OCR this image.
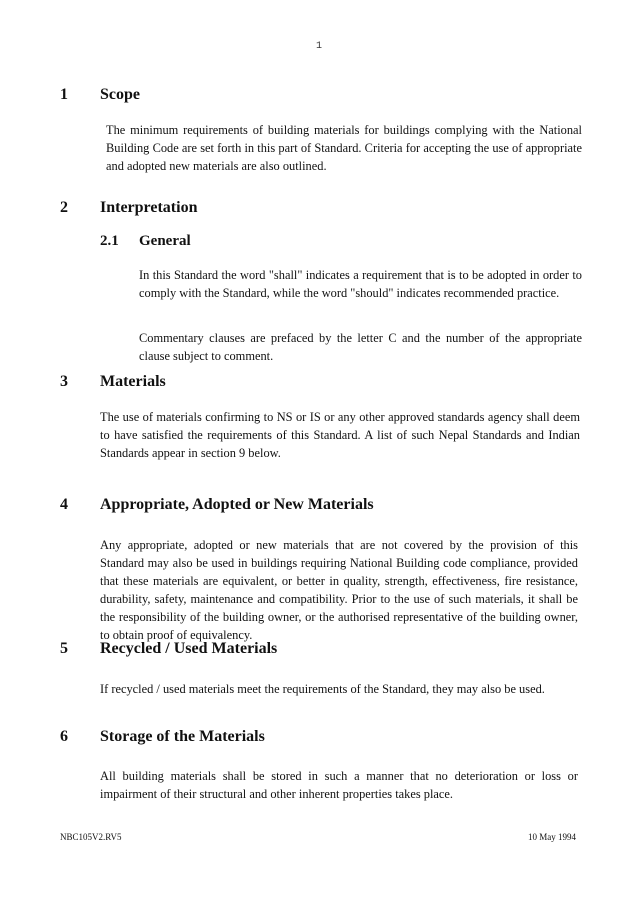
1
1 Scope

The minimum requirements of building materials for buildings complying with the National Building Code are set forth in this part of Standard. Criteria for accepting the use of appropriate and adopted new materials are also outlined.

2 Interpretation
2.1 General

In this Standard the word "shall" indicates a requirement that is to be adopted in order to comply with the Standard, while the word "should" indicates recommended practice.

Commentary clauses are prefaced by the letter C and the number of the appropriate clause subject to comment.

3 Materials

The use of materials confirming to NS or IS or any other approved standards agency shall deem to have satisfied the requirements of this Standard. A list of such Nepal Standards and Indian Standards appear in section 9 below.

4 Appropriate, Adopted or New Materials

Any appropriate, adopted or new materials that are not covered by the provision of this Standard may also be used in buildings requiring National Building code compliance, provided that these materials are equivalent, or better in quality, strength, effectiveness, fire resistance, durability, safety, maintenance and compatibility. Prior to the use of such materials, it shall be the responsibility of the building owner, or the authorised representative of the building owner, to obtain proof of equivalency.

5 Recycled / Used Materials

If recycled / used materials meet the requirements of the Standard, they may also be used.

6 Storage of the Materials

All building materials shall be stored in such a manner that no deterioration or loss or impairment of their structural and other inherent properties takes place.

NBC105V2.RV5	10 May 1994
